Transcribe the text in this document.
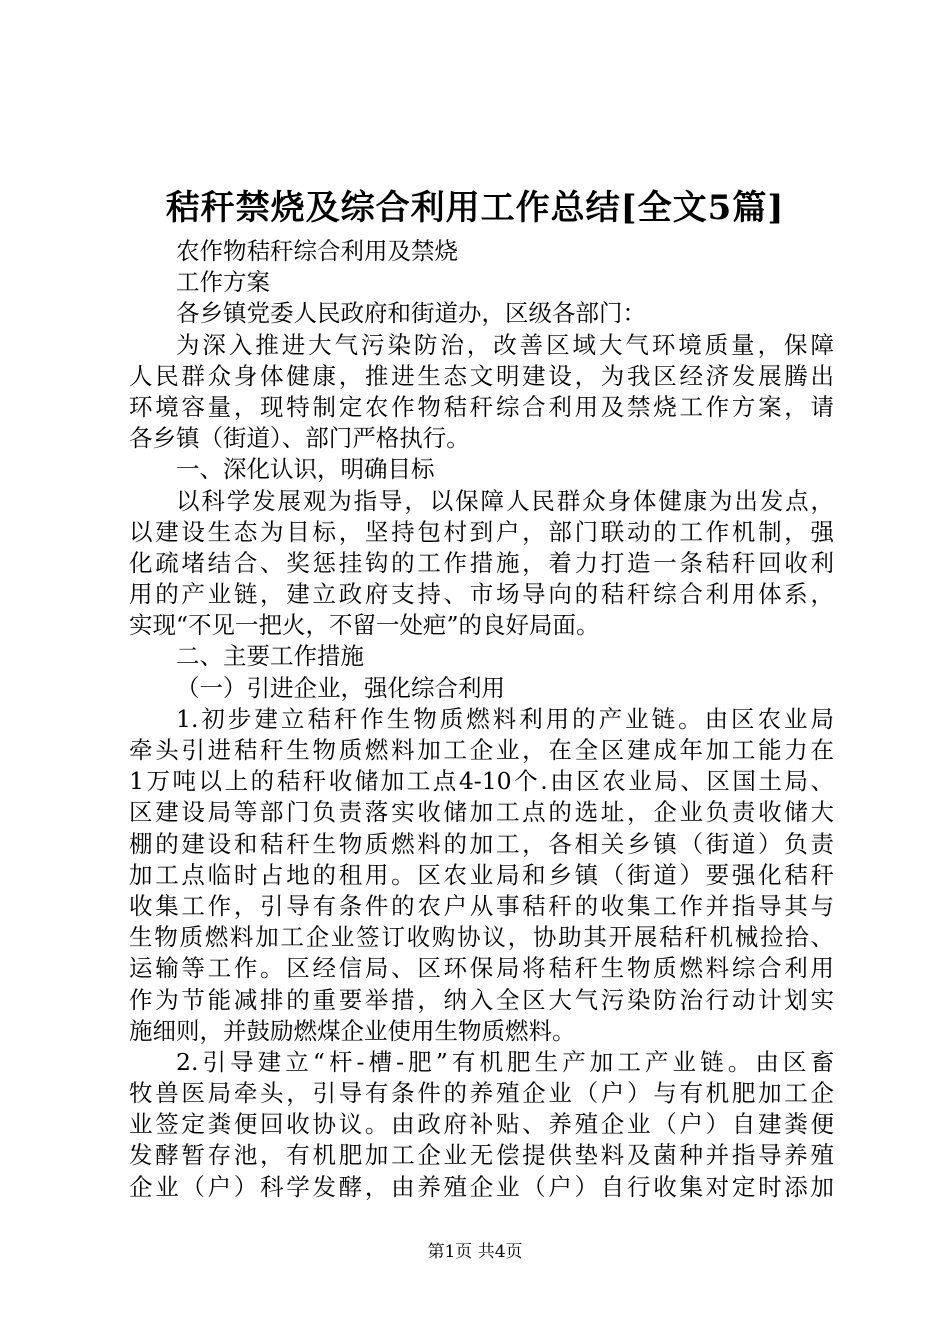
秸秆禁烧及综合利用工作总结[全文5篇]
农作物秸秆综合利用及禁烧
工作方案
各乡镇党委人民政府和街道办，区级各部门：
为深入推进大气污染防治，改善区域大气环境质量，保障
人民群众身体健康，推进生态文明建设，为我区经济发展腾出
环境容量，现特制定农作物秸秆综合利用及禁烧工作方案，请
各乡镇（街道）、部门严格执行。
一、深化认识，明确目标
以科学发展观为指导，以保障人民群众身体健康为出发点，
以建设生态为目标，坚持包村到户，部门联动的工作机制，强
化疏堵结合、奖惩挂钩的工作措施，着力打造一条秸秆回收利
用的产业链，建立政府支持、市场导向的秸秆综合利用体系，
实现“不见一把火，不留一处疤”的良好局面。
二、主要工作措施
（一）引进企业，强化综合利用
1.初步建立秸秆作生物质燃料利用的产业链。由区农业局
牵头引进秸秆生物质燃料加工企业，在全区建成年加工能力在
1万吨以上的秸秆收储加工点4-10个.由区农业局、区国土局、
区建设局等部门负责落实收储加工点的选址，企业负责收储大
棚的建设和秸秆生物质燃料的加工，各相关乡镇（街道）负责
加工点临时占地的租用。区农业局和乡镇（街道）要强化秸秆
收集工作，引导有条件的农户从事秸秆的收集工作并指导其与
生物质燃料加工企业签订收购协议，协助其开展秸秆机械捡拾、
运输等工作。区经信局、区环保局将秸秆生物质燃料综合利用
作为节能减排的重要举措，纳入全区大气污染防治行动计划实
施细则，并鼓励燃煤企业使用生物质燃料。
2.引导建立“杆-槽-肥”有机肥生产加工产业链。由区畜
牧兽医局牵头，引导有条件的养殖企业（户）与有机肥加工企
业签定粪便回收协议。由政府补贴、养殖企业（户）自建粪便
发酵暂存池，有机肥加工企业无偿提供垫料及菌种并指导养殖
企业（户）科学发酵，由养殖企业（户）自行收集对定时添加
第1页 共4页
